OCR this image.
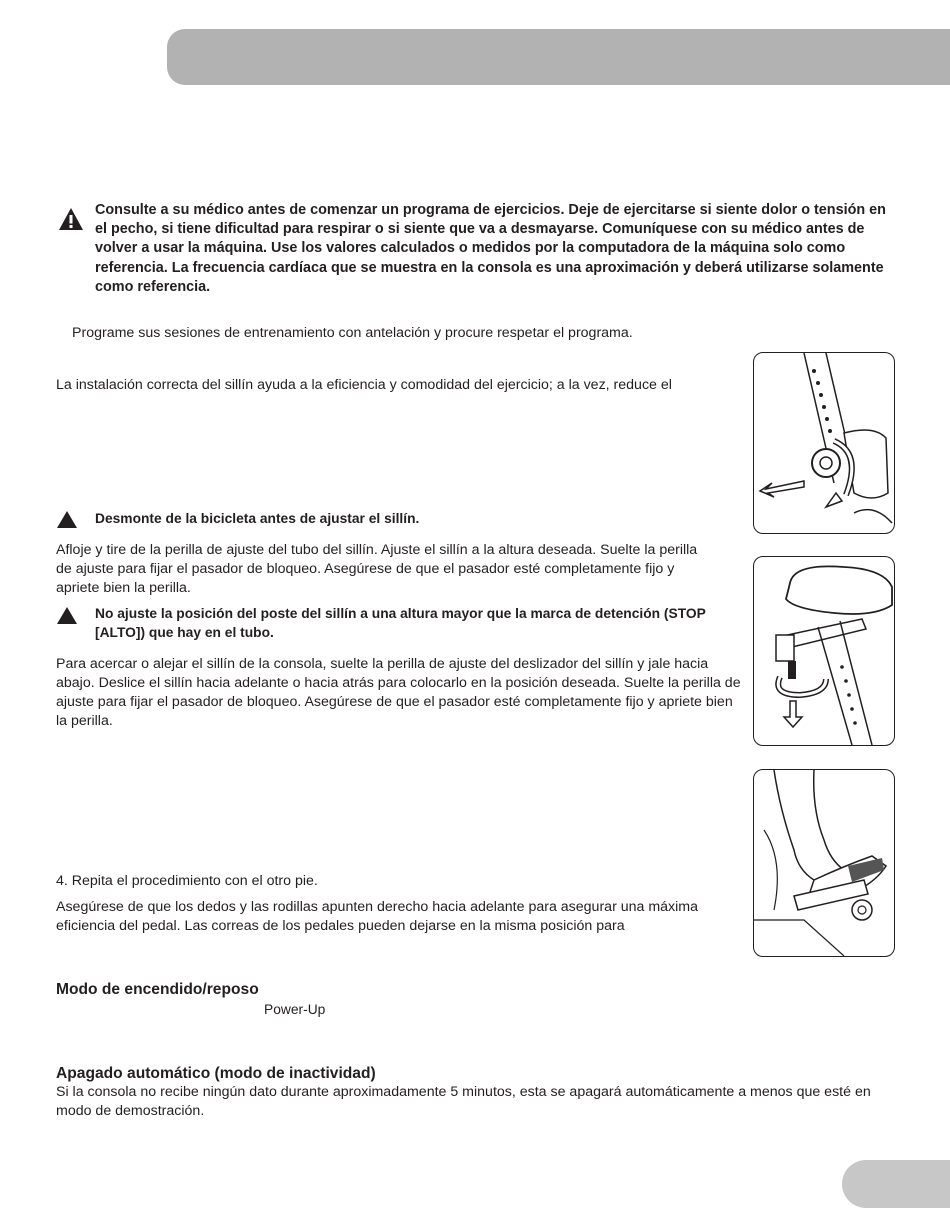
Consulte a su médico antes de comenzar un programa de ejercicios. Deje de ejercitarse si siente dolor o tensión en el pecho, si tiene dificultad para respirar o si siente que va a desmayarse. Comuníquese con su médico antes de volver a usar la máquina. Use los valores calculados o medidos por la computadora de la máquina solo como referencia. La frecuencia cardíaca que se muestra en la consola es una aproximación y deberá utilizarse solamente como referencia.
Programe sus sesiones de entrenamiento con antelación y procure respetar el programa.
La instalación correcta del sillín ayuda a la eficiencia y comodidad del ejercicio; a la vez, reduce el
Desmonte de la bicicleta antes de ajustar el sillín.
Afloje y tire de la perilla de ajuste del tubo del sillín. Ajuste el sillín a la altura deseada. Suelte la perilla de ajuste para fijar el pasador de bloqueo. Asegúrese de que el pasador esté completamente fijo y apriete bien la perilla.
No ajuste la posición del poste del sillín a una altura mayor que la marca de detención (STOP [ALTO]) que hay en el tubo.
Para acercar o alejar el sillín de la consola, suelte la perilla de ajuste del deslizador del sillín y jale hacia abajo. Deslice el sillín hacia adelante o hacia atrás para colocarlo en la posición deseada. Suelte la perilla de ajuste para fijar el pasador de bloqueo. Asegúrese de que el pasador esté completamente fijo y apriete bien la perilla.
4. Repita el procedimiento con el otro pie.
Asegúrese de que los dedos y las rodillas apunten derecho hacia adelante para asegurar una máxima eficiencia del pedal. Las correas de los pedales pueden dejarse en la misma posición para
Modo de encendido/reposo
Power-Up
Apagado automático (modo de inactividad)
Si la consola no recibe ningún dato durante aproximadamente 5 minutos, esta se apagará automáticamente a menos que esté en modo de demostración.
